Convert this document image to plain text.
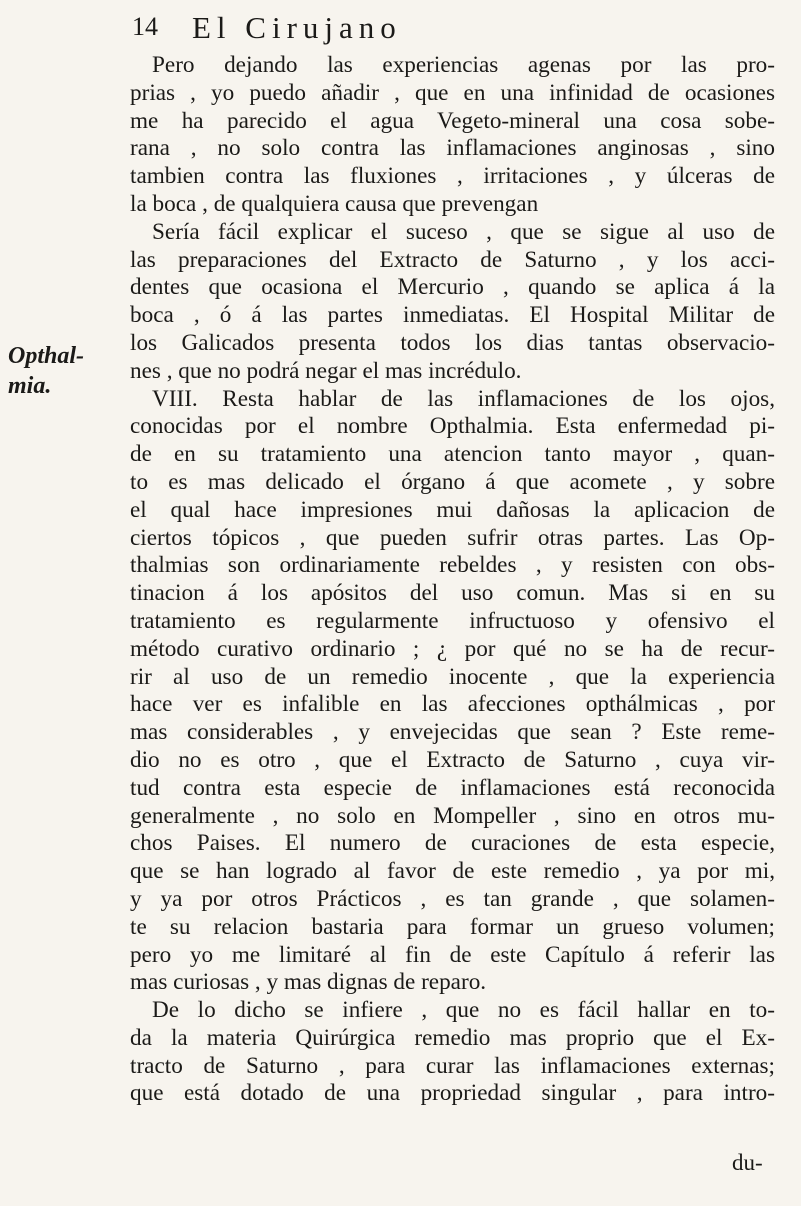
14 El Cirujano
Opthal-
mia.
Pero dejando las experiencias agenas por las pro-
prias , yo puedo añadir , que en una infinidad de ocasiones
me ha parecido el agua Vegeto-mineral una cosa sobe-
rana , no solo contra las inflamaciones anginosas , sino
tambien contra las fluxiones , irritaciones , y úlceras de
la boca , de qualquiera causa que prevengan
Sería fácil explicar el suceso , que se sigue al uso de
las preparaciones del Extracto de Saturno , y los acci-
dentes que ocasiona el Mercurio , quando se aplica á la
boca , ó á las partes inmediatas. El Hospital Militar de
los Galicados presenta todos los dias tantas observacio-
nes , que no podrá negar el mas incrédulo.
VIII. Resta hablar de las inflamaciones de los ojos,
conocidas por el nombre Opthalmia. Esta enfermedad pi-
de en su tratamiento una atencion tanto mayor , quan-
to es mas delicado el órgano á que acomete , y sobre
el qual hace impresiones mui dañosas la aplicacion de
ciertos tópicos , que pueden sufrir otras partes. Las Op-
thalmias son ordinariamente rebeldes , y resisten con obs-
tinacion á los apósitos del uso comun. Mas si en su
tratamiento es regularmente infructuoso y ofensivo el
método curativo ordinario ; ¿ por qué no se ha de recur-
rir al uso de un remedio inocente , que la experiencia
hace ver es infalible en las afecciones opthálmicas , por
mas considerables , y envejecidas que sean ? Este reme-
dio no es otro , que el Extracto de Saturno , cuya vir-
tud contra esta especie de inflamaciones está reconocida
generalmente , no solo en Mompeller , sino en otros mu-
chos Paises. El numero de curaciones de esta especie,
que se han logrado al favor de este remedio , ya por mi,
y ya por otros Prácticos , es tan grande , que solamen-
te su relacion bastaria para formar un grueso volumen;
pero yo me limitaré al fin de este Capítulo á referir las
mas curiosas , y mas dignas de reparo.
De lo dicho se infiere , que no es fácil hallar en to-
da la materia Quirúrgica remedio mas proprio que el Ex-
tracto de Saturno , para curar las inflamaciones externas;
que está dotado de una propriedad singular , para intro-
du-
